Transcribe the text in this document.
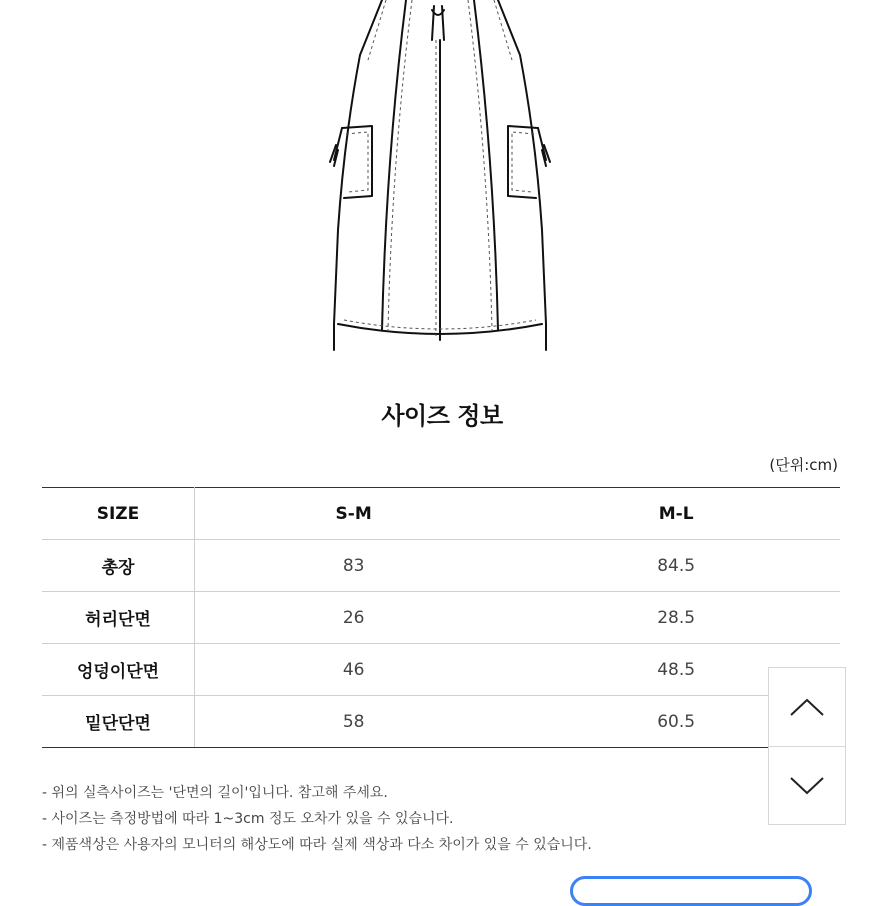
사이즈 정보
(단위:cm)
SIZE	S-M	M-L
총장	83	84.5
허리단면	26	28.5
엉덩이단면	46	48.5
밑단단면	58	60.5
- 위의 실측사이즈는 '단면의 길이'입니다. 참고해 주세요.
- 사이즈는 측정방법에 따라 1~3cm 정도 오차가 있을 수 있습니다.
- 제품색상은 사용자의 모니터의 해상도에 따라 실제 색상과 다소 차이가 있을 수 있습니다.
